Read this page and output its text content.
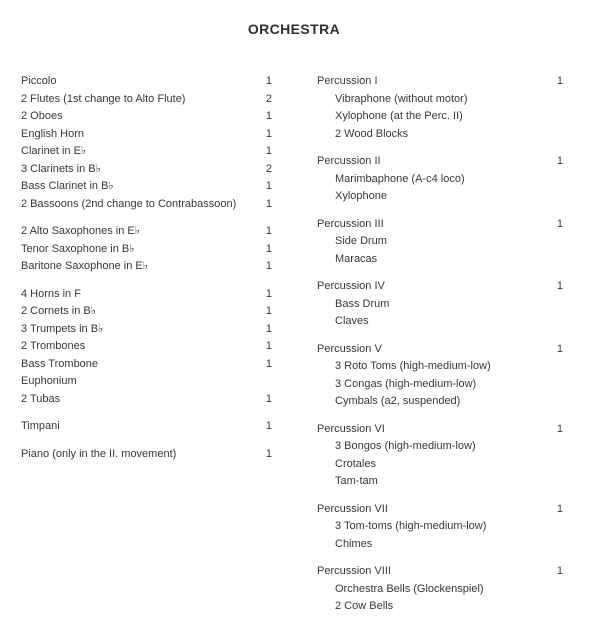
ORCHESTRA
Piccolo	1
2 Flutes (1st change to Alto Flute)	2
2 Oboes	1
English Horn	1
Clarinet in E♭	1
3 Clarinets in B♭	2
Bass Clarinet in B♭	1
2 Bassoons (2nd change to Contrabassoon)	1
2 Alto Saxophones in E♭	1
Tenor Saxophone in B♭	1
Baritone Saxophone in E♭	1
4 Horns in F	1
2 Cornets in B♭	1
3 Trumpets in B♭	1
2 Trombones	1
Bass Trombone	1
Euphonium
2 Tubas	1
Timpani	1
Piano (only in the II. movement)	1
Percussion I	1
Vibraphone (without motor)
Xylophone (at the Perc. II)
2 Wood Blocks
Percussion II	1
Marimbaphone (A-c4 loco)
Xylophone
Percussion III	1
Side Drum
Maracas
Percussion IV	1
Bass Drum
Claves
Percussion V	1
3 Roto Toms (high-medium-low)
3 Congas (high-medium-low)
Cymbals (a2, suspended)
Percussion VI	1
3 Bongos (high-medium-low)
Crotales
Tam-tam
Percussion VII	1
3 Tom-toms (high-medium-low)
Chimes
Percussion VIII	1
Orchestra Bells (Glockenspiel)
2 Cow Bells
